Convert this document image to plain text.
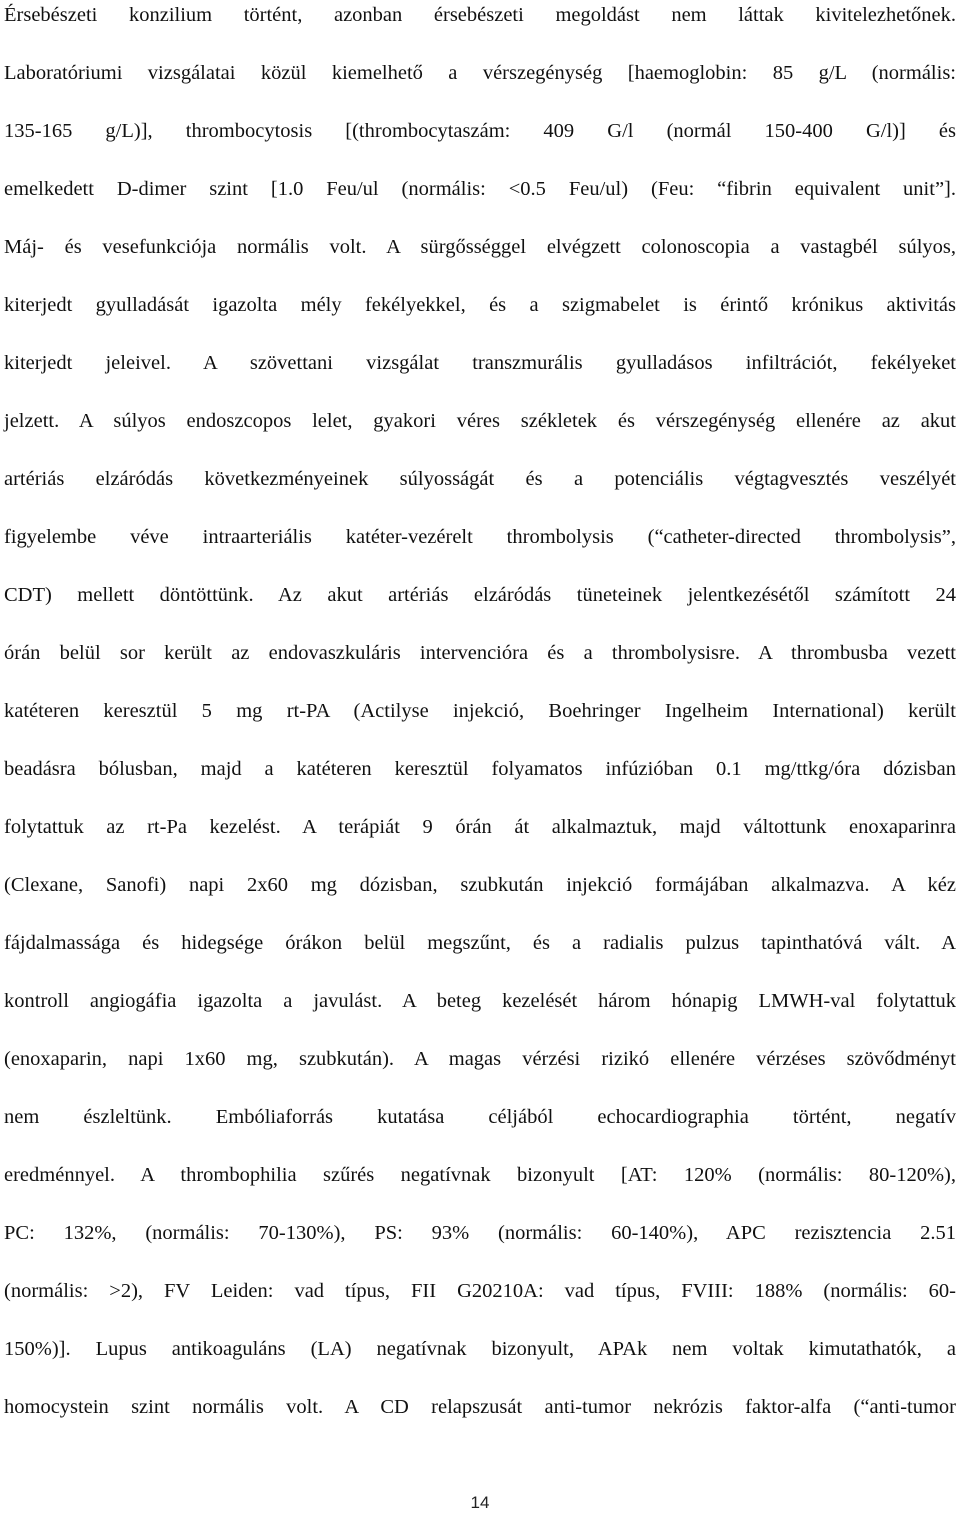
Érsebészeti konzilium történt, azonban érsebészeti megoldást nem láttak kivitelezhetőnek.
Laboratóriumi vizsgálatai közül kiemelhető a vérszegénység [haemoglobin: 85 g/L (normális:
135-165 g/L)], thrombocytosis [(thrombocytaszám: 409 G/l (normál 150-400 G/l)] és
emelkedett D-dimer szint [1.0 Feu/ul (normális: <0.5 Feu/ul) (Feu: “fibrin equivalent unit”].
Máj- és vesefunkciója normális volt. A sürgősséggel elvégzett colonoscopia a vastagbél súlyos,
kiterjedt gyulladását igazolta mély fekélyekkel, és a szigmabelet is érintő krónikus aktivitás
kiterjedt jeleivel. A szövettani vizsgálat transzmurális gyulladásos infiltrációt, fekélyeket
jelzett. A súlyos endoszcopos lelet, gyakori véres székletek és vérszegénység ellenére az akut
artériás elzáródás következményeinek súlyosságát és a potenciális végtagvesztés veszélyét
figyelembe véve intraarteriális katéter-vezérelt thrombolysis (“catheter-directed thrombolysis”,
CDT) mellett döntöttünk. Az akut artériás elzáródás tüneteinek jelentkezésétől számított 24
órán belül sor került az endovaszkuláris intervencióra és a thrombolysisre. A thrombusba vezett
katéteren keresztül 5 mg rt-PA (Actilyse injekció, Boehringer Ingelheim International) került
beadásra bólusban, majd a katéteren keresztül folyamatos infúzióban 0.1 mg/ttkg/óra dózisban
folytattuk az rt-Pa kezelést. A terápiát 9 órán át alkalmaztuk, majd váltottunk enoxaparinra
(Clexane, Sanofi) napi 2x60 mg dózisban, szubkután injekció formájában alkalmazva. A kéz
fájdalmassága és hidegsége órákon belül megszűnt, és a radialis pulzus tapinthatóvá vált. A
kontroll angiogáfia igazolta a javulást. A beteg kezelését három hónapig LMWH-val folytattuk
(enoxaparin, napi 1x60 mg, szubkután). A magas vérzési rizikó ellenére vérzéses szövődményt
nem észleltünk. Embóliaforrás kutatása céljából echocardiographia történt, negatív
eredménnyel. A thrombophilia szűrés negatívnak bizonyult [AT: 120% (normális: 80-120%),
PC: 132%, (normális: 70-130%), PS: 93% (normális: 60-140%), APC rezisztencia 2.51
(normális: >2), FV Leiden: vad típus, FII G20210A: vad típus, FVIII: 188% (normális: 60-
150%)]. Lupus antikoaguláns (LA) negatívnak bizonyult, APAk nem voltak kimutathatók, a
homocystein szint normális volt. A CD relapszusát anti-tumor nekrózis faktor-alfa (“anti-tumor
14
